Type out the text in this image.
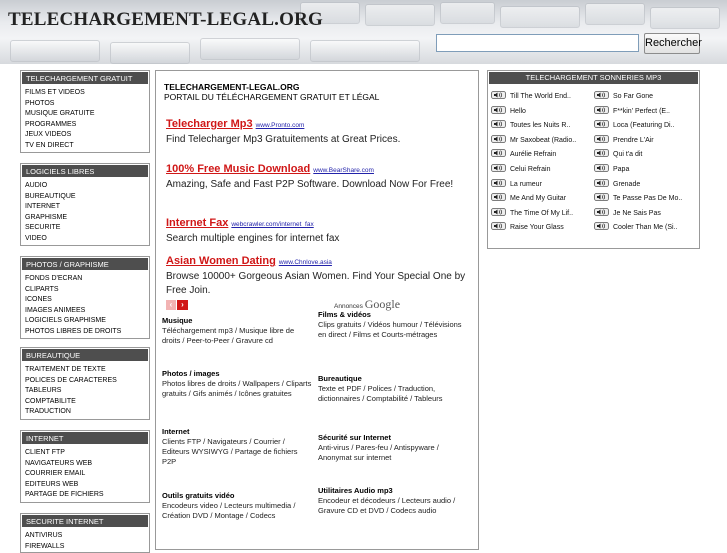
TELECHARGEMENT-LEGAL.ORG
Rechercher
TELECHARGEMENT GRATUIT
FILMS ET VIDEOS
PHOTOS
MUSIQUE GRATUITE
PROGRAMMES
JEUX VIDEOS
TV EN DIRECT
LOGICIELS LIBRES
AUDIO
BUREAUTIQUE
INTERNET
GRAPHISME
SECURITE
VIDEO
PHOTOS / GRAPHISME
FONDS D'ECRAN
CLIPARTS
ICONES
IMAGES ANIMEES
LOGICIELS GRAPHISME
PHOTOS LIBRES DE DROITS
BUREAUTIQUE
TRAITEMENT DE TEXTE
POLICES DE CARACTERES
TABLEURS
COMPTABILITE
TRADUCTION
INTERNET
CLIENT FTP
NAVIGATEURS WEB
COURRIER EMAIL
EDITEURS WEB
PARTAGE DE FICHIERS
SECURITE INTERNET
ANTIVIRUS
FIREWALLS
TELECHARGEMENT-LEGAL.ORG
PORTAIL DU TÉLÉCHARGEMENT GRATUIT ET LÉGAL
Telecharger Mp3 www.Pronto.com
Find Telecharger Mp3 Gratuitements at Great Prices.
100% Free Music Download www.BearShare.com
Amazing, Safe and Fast P2P Software. Download Now For Free!
Internet Fax webcrawler.com/internet_fax
Search multiple engines for internet fax
Asian Women Dating www.Chnlove.asia
Browse 10000+ Gorgeous Asian Women. Find Your Special One by Free Join.
‹	›	Annonces Google
Musique
Téléchargement mp3 / Musique libre de droits / Peer-to-Peer / Gravure cd
Films & vidéos
Clips gratuits / Vidéos humour / Télévisions en direct / Films et Courts-métrages
Photos / images
Photos libres de droits / Wallpapers / Cliparts gratuits / Gifs animés / Icônes gratuites
Bureautique
Texte et PDF / Polices / Traduction, dictionnaires / Comptabilité / Tableurs
Internet
Clients FTP / Navigateurs / Courrier / Editeurs WYSIWYG / Partage de fichiers P2P
Sécurité sur Internet
Anti-virus / Pares-feu / Antispyware / Anonymat sur internet
Outils gratuits vidéo
Encodeurs video / Lecteurs multimedia / Création DVD / Montage / Codecs
Utilitaires Audio mp3
Encodeur et décodeurs / Lecteurs audio / Gravure CD et DVD / Codecs audio
TELECHARGEMENT SONNERIES MP3
Till The World End..
Hello
Toutes les Nuits R..
Mr Saxobeat (Radio..
Aurélie Refrain
Celui Refrain
La rumeur
Me And My Guitar
The Time Of My Lif..
Raise Your Glass
So Far Gone
F**kin' Perfect (E..
Loca (Featuring Di..
Prendre L'Air
Qui t'a dit
Papa
Grenade
Te Passe Pas De Mo..
Je Ne Sais Pas
Cooler Than Me (Si..
